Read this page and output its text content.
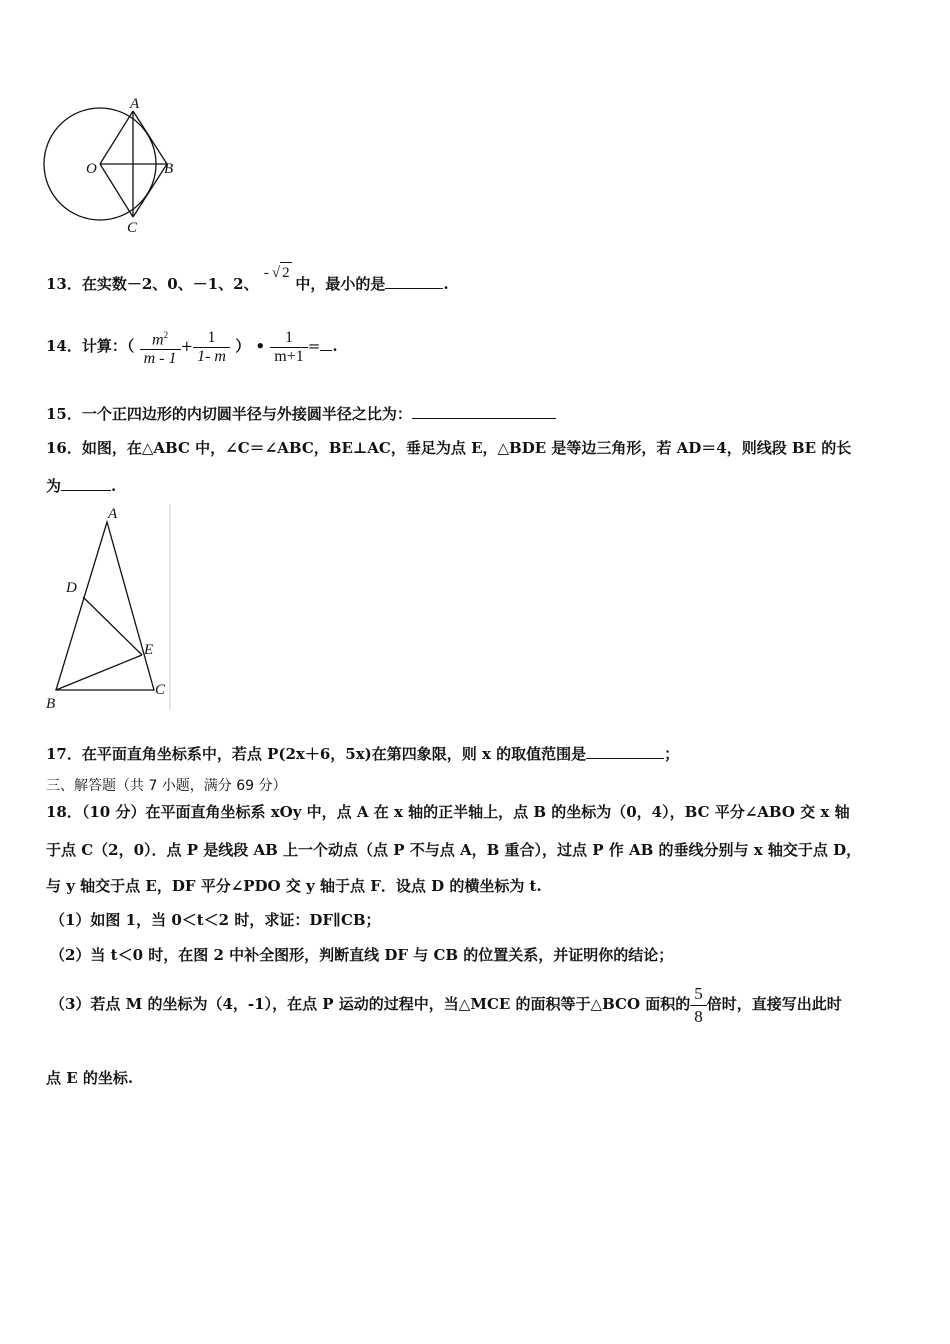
A
O	B
C
13．在实数－2、0、－1、2、 - √ 2 中，最小的是	.
14．计算：（ $\frac{m^2}{m - 1} + \frac{1}{1- m}$ ） • $\frac{1}{m+1}$ = .
15．一个正四边形的内切圆半径与外接圆半径之比为：
16．如图，在△ABC 中，∠C＝∠ABC，BE⊥AC，垂足为点 E，△BDE 是等边三角形，若 AD＝4，则线段 BE 的长
为	.
A
D
E
B
C
17．在平面直角坐标系中，若点 P(2x＋6，5x)在第四象限，则 x 的取值范围是	；
三、解答题（共 7 小题，满分 69 分）
18．（10 分）在平面直角坐标系 xOy 中，点 A 在 x 轴的正半轴上，点 B 的坐标为（0，4），BC 平分∠ABO 交 x 轴
于点 C（2，0）．点 P 是线段 AB 上一个动点（点 P 不与点 A，B 重合），过点 P 作 AB 的垂线分别与 x 轴交于点 D，
与 y 轴交于点 E，DF 平分∠PDO 交 y 轴于点 F．设点 D 的横坐标为 t.
（1）如图 1，当 0＜t＜2 时，求证：DF∥CB；
（2）当 t＜0 时，在图 2 中补全图形，判断直线 DF 与 CB 的位置关系，并证明你的结论；
（3）若点 M 的坐标为（4，-1），在点 P 运动的过程中，当△MCE 的面积等于△BCO 面积的 $\frac{5}{8}$ 倍时，直接写出此时
点 E 的坐标.
